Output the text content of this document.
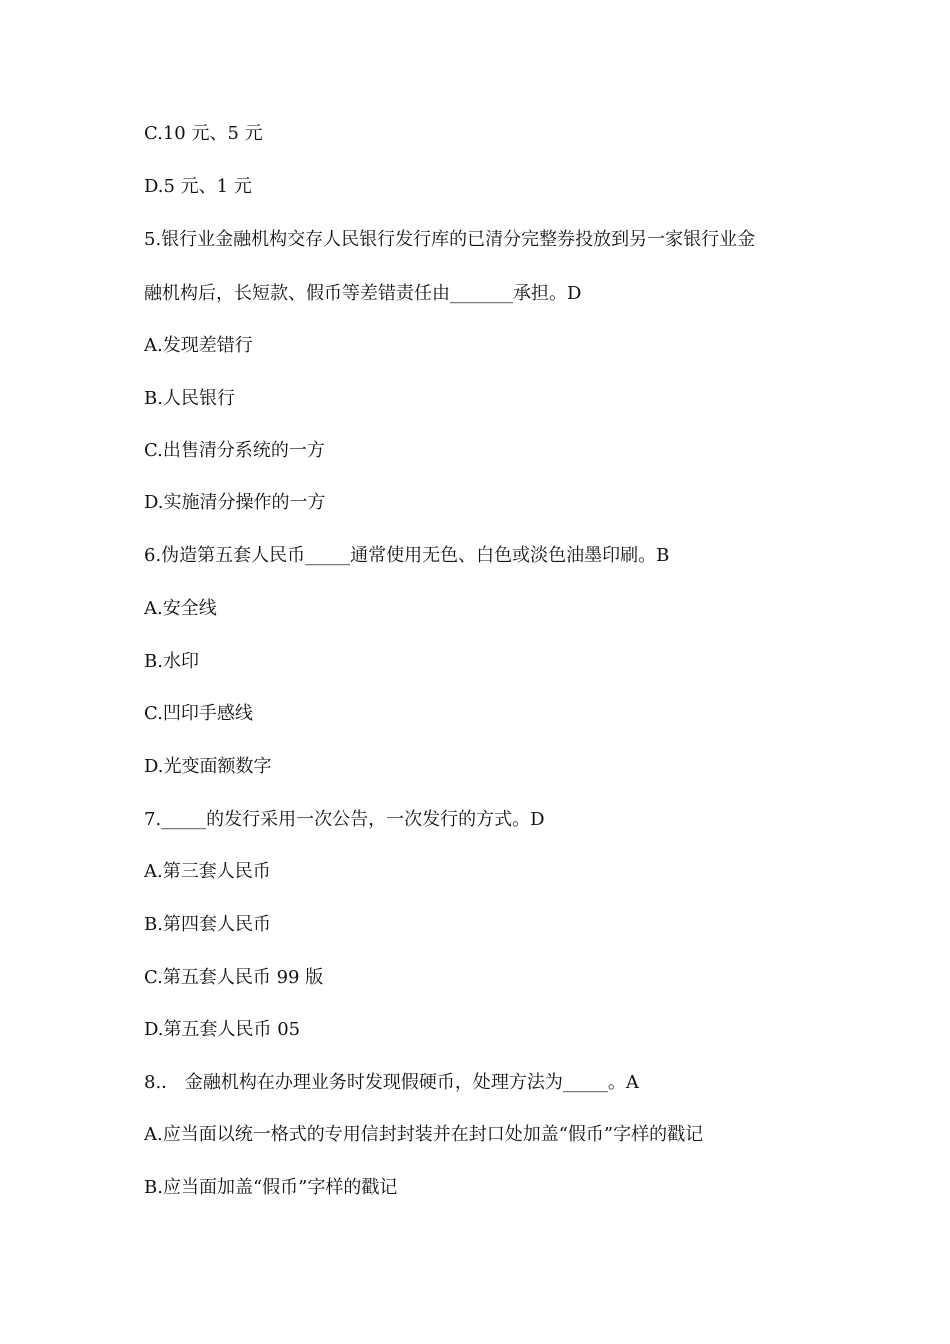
C.10 元、5 元
D.5 元、1 元
5.银行业金融机构交存人民银行发行库的已清分完整券投放到另一家银行业金
融机构后，长短款、假币等差错责任由_______承担。D
A.发现差错行
B.人民银行
C.出售清分系统的一方
D.实施清分操作的一方
6.伪造第五套人民币_____通常使用无色、白色或淡色油墨印刷。B
A.安全线
B.水印
C.凹印手感线
D.光变面额数字
7._____的发行采用一次公告，一次发行的方式。D
A.第三套人民币
B.第四套人民币
C.第五套人民币 99 版
D.第五套人民币 05
8.． 金融机构在办理业务时发现假硬币，处理方法为_____。A
A.应当面以统一格式的专用信封封装并在封口处加盖“假币”字样的戳记
B.应当面加盖“假币”字样的戳记
